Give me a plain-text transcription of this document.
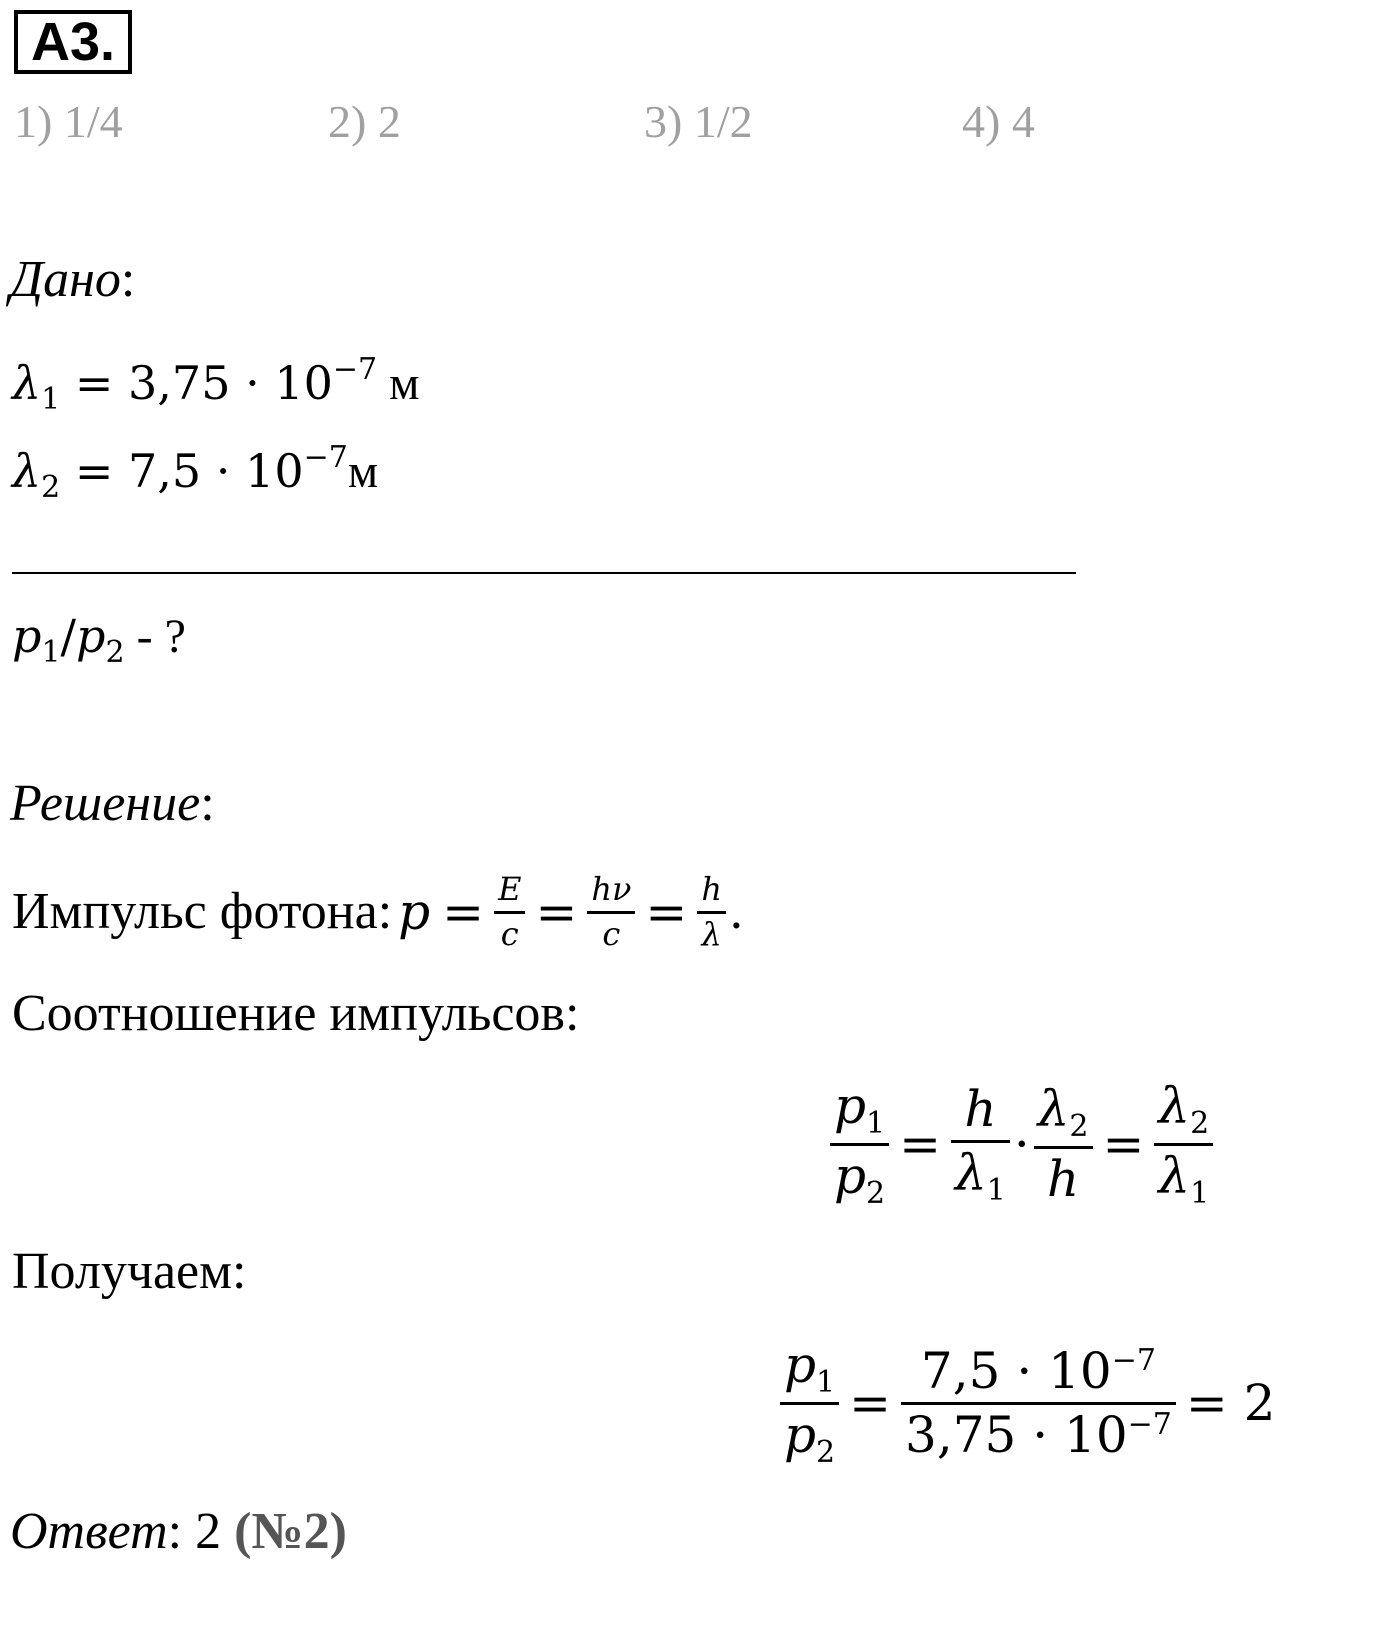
А3.
1) 1/4	2) 2	3) 1/2	4) 4
Дано:
$\lambda_1 = 3,75 \cdot 10^{-7}$ м
$\lambda_2 = 7,5 \cdot 10^{-7}м$
$p_1/p_2$ - ?
Решение:
Импульс фотона: $p = \frac{E}{c} = \frac{h\nu}{c} = \frac{h}{\lambda}$ .
Соотношение импульсов:
$\frac{p_1}{p_2} = \frac{h}{\lambda_1} \cdot \frac{\lambda_2}{h} = \frac{\lambda_2}{\lambda_1}$
Получаем:
$\frac{p_1}{p_2} = \frac{7,5 \cdot 10^{-7}}{3,75 \cdot 10^{-7}} = 2$
Ответ: 2 (№2)
